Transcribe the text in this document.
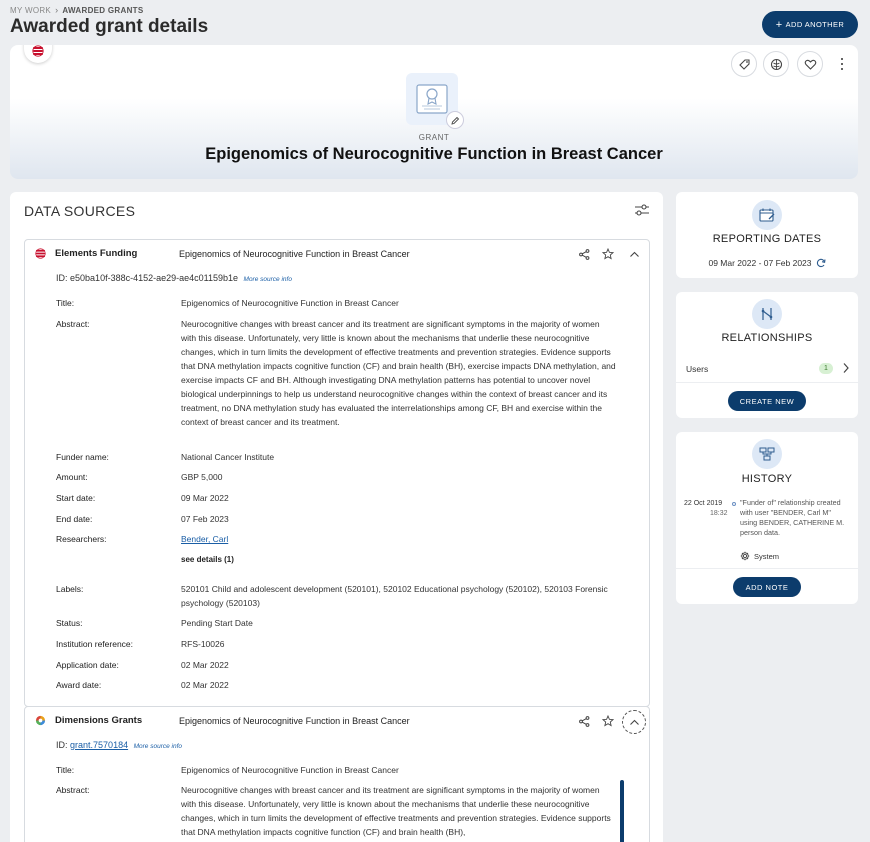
MY WORK › AWARDED GRANTS
Awarded grant details	+ ADD ANOTHER
GRANT
Epigenomics of Neurocognitive Function in Breast Cancer
DATA SOURCES
Elements Funding	Epigenomics of Neurocognitive Function in Breast Cancer
ID: e50ba10f-388c-4152-ae29-ae4c01159b1e More source info
Title:	Epigenomics of Neurocognitive Function in Breast Cancer
Abstract:	Neurocognitive changes with breast cancer and its treatment are significant symptoms in the majority of women with this disease. Unfortunately, very little is known about the mechanisms that underlie these neurocognitive changes, which in turn limits the development of effective treatments and prevention strategies. Evidence supports that DNA methylation impacts cognitive function (CF) and brain health (BH), exercise impacts DNA methylation, and exercise impacts CF and BH. Although investigating DNA methylation patterns has potential to uncover novel biological underpinnings to help us understand neurocognitive changes within the context of breast cancer and its treatment, no DNA methylation study has evaluated the interrelationships among CF, BH and exercise within the context of breast cancer and its treatment.
Funder name:	National Cancer Institute
Amount:	GBP 5,000
Start date:	09 Mar 2022
End date:	07 Feb 2023
Researchers:	Bender, Carl
see details (1)
Labels:	520101 Child and adolescent development (520101), 520102 Educational psychology (520102), 520103 Forensic psychology (520103)
Status:	Pending Start Date
Institution reference:	RFS-10026
Application date:	02 Mar 2022
Award date:	02 Mar 2022
Dimensions Grants	Epigenomics of Neurocognitive Function in Breast Cancer
ID: grant.7570184 More source info
Title:	Epigenomics of Neurocognitive Function in Breast Cancer
Abstract:	Neurocognitive changes with breast cancer and its treatment are significant symptoms in the majority of women with this disease. Unfortunately, very little is known about the mechanisms that underlie these neurocognitive changes, which in turn limits the development of effective treatments and prevention strategies. Evidence supports that DNA methylation impacts cognitive function (CF) and brain health (BH),
REPORTING DATES
09 Mar 2022 - 07 Feb 2023
RELATIONSHIPS
Users	1
CREATE NEW
HISTORY
22 Oct 2019
18:32
"Funder of" relationship created with user "BENDER, Carl M" using BENDER, CATHERINE M. person data.
System
ADD NOTE
